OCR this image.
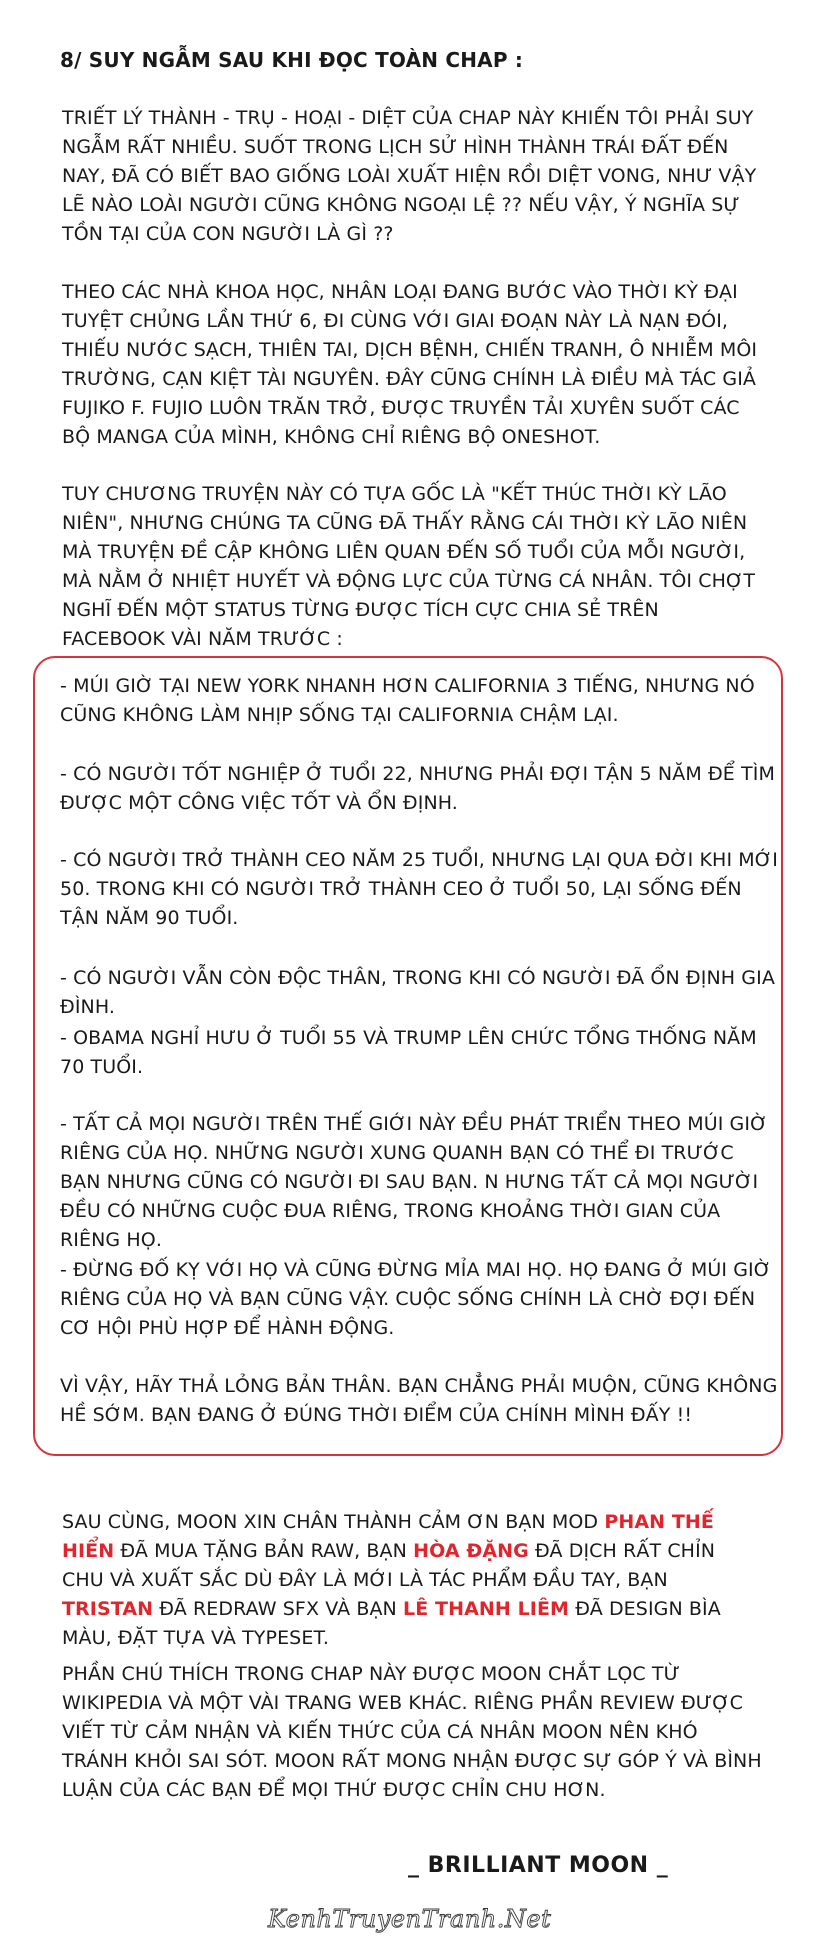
8/ SUY NGẪM SAU KHI ĐỌC TOÀN CHAP :
TRIẾT LÝ THÀNH - TRỤ - HOẠI - DIỆT CỦA CHAP NÀY KHIẾN TÔI PHẢI SUY NGẪM RẤT NHIỀU. SUỐT TRONG LỊCH SỬ HÌNH THÀNH TRÁI ĐẤT ĐẾN NAY, ĐÃ CÓ BIẾT BAO GIỐNG LOÀI XUẤT HIỆN RỒI DIỆT VONG, NHƯ VẬY LẼ NÀO LOÀI NGƯỜI CŨNG KHÔNG NGOẠI LỆ ?? NẾU VẬY, Ý NGHĨA SỰ TỒN TẠI CỦA CON NGƯỜI LÀ GÌ ??
THEO CÁC NHÀ KHOA HỌC, NHÂN LOẠI ĐANG BƯỚC VÀO THỜI KỲ ĐẠI TUYỆT CHỦNG LẦN THỨ 6, ĐI CÙNG VỚI GIAI ĐOẠN NÀY LÀ NẠN ĐÓI, THIẾU NƯỚC SẠCH, THIÊN TAI, DỊCH BỆNH, CHIẾN TRANH, Ô NHIỄM MÔI TRƯỜNG, CẠN KIỆT TÀI NGUYÊN. ĐÂY CŨNG CHÍNH LÀ ĐIỀU MÀ TÁC GIẢ FUJIKO F. FUJIO LUÔN TRĂN TRỞ, ĐƯỢC TRUYỀN TẢI XUYÊN SUỐT CÁC BỘ MANGA CỦA MÌNH, KHÔNG CHỈ RIÊNG BỘ ONESHOT.
TUY CHƯƠNG TRUYỆN NÀY CÓ TỰA GỐC LÀ "KẾT THÚC THỜI KỲ LÃO NIÊN", NHƯNG CHÚNG TA CŨNG ĐÃ THẤY RẰNG CÁI THỜI KỲ LÃO NIÊN MÀ TRUYỆN ĐỀ CẬP KHÔNG LIÊN QUAN ĐẾN SỐ TUỔI CỦA MỖI NGƯỜI, MÀ NẰM Ở NHIỆT HUYẾT VÀ ĐỘNG LỰC CỦA TỪNG CÁ NHÂN. TÔI CHỢT NGHĨ ĐẾN MỘT STATUS TỪNG ĐƯỢC TÍCH CỰC CHIA SẺ TRÊN FACEBOOK VÀI NĂM TRƯỚC :
- MÚI GIỜ TẠI NEW YORK NHANH HƠN CALIFORNIA 3 TIẾNG, NHƯNG NÓ CŨNG KHÔNG LÀM NHỊP SỐNG TẠI CALIFORNIA CHẬM LẠI.
- CÓ NGƯỜI TỐT NGHIỆP Ở TUỔI 22, NHƯNG PHẢI ĐỢI TẬN 5 NĂM ĐỂ TÌM ĐƯỢC MỘT CÔNG VIỆC TỐT VÀ ỔN ĐỊNH.
- CÓ NGƯỜI TRỞ THÀNH CEO NĂM 25 TUỔI, NHƯNG LẠI QUA ĐỜI KHI MỚI 50. TRONG KHI CÓ NGƯỜI TRỞ THÀNH CEO Ở TUỔI 50, LẠI SỐNG ĐẾN TẬN NĂM 90 TUỔI.
- CÓ NGƯỜI VẪN CÒN ĐỘC THÂN, TRONG KHI CÓ NGƯỜI ĐÃ ỔN ĐỊNH GIA ĐÌNH.
- OBAMA NGHỈ HƯU Ở TUỔI 55 VÀ TRUMP LÊN CHỨC TỔNG THỐNG NĂM 70 TUỔI.
- TẤT CẢ MỌI NGƯỜI TRÊN THẾ GIỚI NÀY ĐỀU PHÁT TRIỂN THEO MÚI GIỜ RIÊNG CỦA HỌ. NHỮNG NGƯỜI XUNG QUANH BẠN CÓ THỂ ĐI TRƯỚC BẠN NHƯNG CŨNG CÓ NGƯỜI ĐI SAU BẠN. N HƯNG TẤT CẢ MỌI NGƯỜI ĐỀU CÓ NHỮNG CUỘC ĐUA RIÊNG, TRONG KHOẢNG THỜI GIAN CỦA RIÊNG HỌ.
- ĐỪNG ĐỐ KỴ VỚI HỌ VÀ CŨNG ĐỪNG MỈA MAI HỌ. HỌ ĐANG Ở MÚI GIỜ RIÊNG CỦA HỌ VÀ BẠN CŨNG VẬY. CUỘC SỐNG CHÍNH LÀ CHỜ ĐỢI ĐẾN CƠ HỘI PHÙ HỢP ĐỂ HÀNH ĐỘNG.
VÌ VẬY, HÃY THẢ LỎNG BẢN THÂN. BẠN CHẲNG PHẢI MUỘN, CŨNG KHÔNG HỀ SỚM. BẠN ĐANG Ở ĐÚNG THỜI ĐIỂM CỦA CHÍNH MÌNH ĐẤY !!
SAU CÙNG, MOON XIN CHÂN THÀNH CẢM ƠN BẠN MOD PHAN THẾ HIỂN ĐÃ MUA TẶNG BẢN RAW, BẠN HÒA ĐẶNG ĐÃ DỊCH RẤT CHỈN CHU VÀ XUẤT SẮC DÙ ĐÂY LÀ MỚI LÀ TÁC PHẨM ĐẦU TAY, BẠN TRISTAN ĐÃ REDRAW SFX VÀ BẠN LÊ THANH LIÊM ĐÃ DESIGN BÌA MÀU, ĐẶT TỰA VÀ TYPESET.
PHẦN CHÚ THÍCH TRONG CHAP NÀY ĐƯỢC MOON CHẮT LỌC TỪ WIKIPEDIA VÀ MỘT VÀI TRANG WEB KHÁC. RIÊNG PHẦN REVIEW ĐƯỢC VIẾT TỪ CẢM NHẬN VÀ KIẾN THỨC CỦA CÁ NHÂN MOON NÊN KHÓ TRÁNH KHỎI SAI SÓT. MOON RẤT MONG NHẬN ĐƯỢC SỰ GÓP Ý VÀ BÌNH LUẬN CỦA CÁC BẠN ĐỂ MỌI THỨ ĐƯỢC CHỈN CHU HƠN.
_ BRILLIANT MOON _
KenhTruyenTranh.Net
